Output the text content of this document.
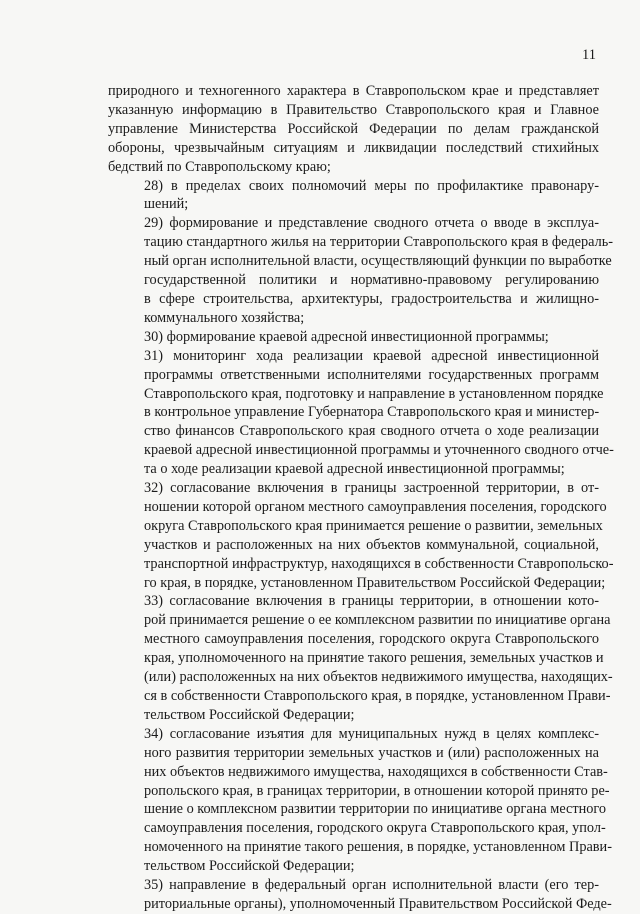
11

природного и техногенного характера в Ставропольском крае и представляет
указанную информацию в Правительство Ставропольского края и Главное
управление Министерства Российской Федерации по делам гражданской
обороны, чрезвычайным ситуациям и ликвидации последствий стихийных
бедствий по Ставропольскому краю;

28) в пределах своих полномочий меры по профилактике правонару-
шений;

29) формирование и представление сводного отчета о вводе в эксплуа-
тацию стандартного жилья на территории Ставропольского края в федераль-
ный орган исполнительной власти, осуществляющий функции по выработке
государственной политики и нормативно-правовому регулированию
в сфере строительства, архитектуры, градостроительства и жилищно-
коммунального хозяйства;

30) формирование краевой адресной инвестиционной программы;

31) мониторинг хода реализации краевой адресной инвестиционной
программы ответственными исполнителями государственных программ
Ставропольского края, подготовку и направление в установленном порядке
в контрольное управление Губернатора Ставропольского края и министер-
ство финансов Ставропольского края сводного отчета о ходе реализации
краевой адресной инвестиционной программы и уточненного сводного отче-
та о ходе реализации краевой адресной инвестиционной программы;

32) согласование включения в границы застроенной территории, в от-
ношении которой органом местного самоуправления поселения, городского
округа Ставропольского края принимается решение о развитии, земельных
участков и расположенных на них объектов коммунальной, социальной,
транспортной инфраструктур, находящихся в собственности Ставропольско-
го края, в порядке, установленном Правительством Российской Федерации;

33) согласование включения в границы территории, в отношении кото-
рой принимается решение о ее комплексном развитии по инициативе органа
местного самоуправления поселения, городского округа Ставропольского
края, уполномоченного на принятие такого решения, земельных участков и
(или) расположенных на них объектов недвижимого имущества, находящих-
ся в собственности Ставропольского края, в порядке, установленном Прави-
тельством Российской Федерации;

34) согласование изъятия для муниципальных нужд в целях комплекс-
ного развития территории земельных участков и (или) расположенных на
них объектов недвижимого имущества, находящихся в собственности Став-
ропольского края, в границах территории, в отношении которой принято ре-
шение о комплексном развитии территории по инициативе органа местного
самоуправления поселения, городского округа Ставропольского края, упол-
номоченного на принятие такого решения, в порядке, установленном Прави-
тельством Российской Федерации;

35) направление в федеральный орган исполнительной власти (его тер-
риториальные органы), уполномоченный Правительством Российской Феде-
